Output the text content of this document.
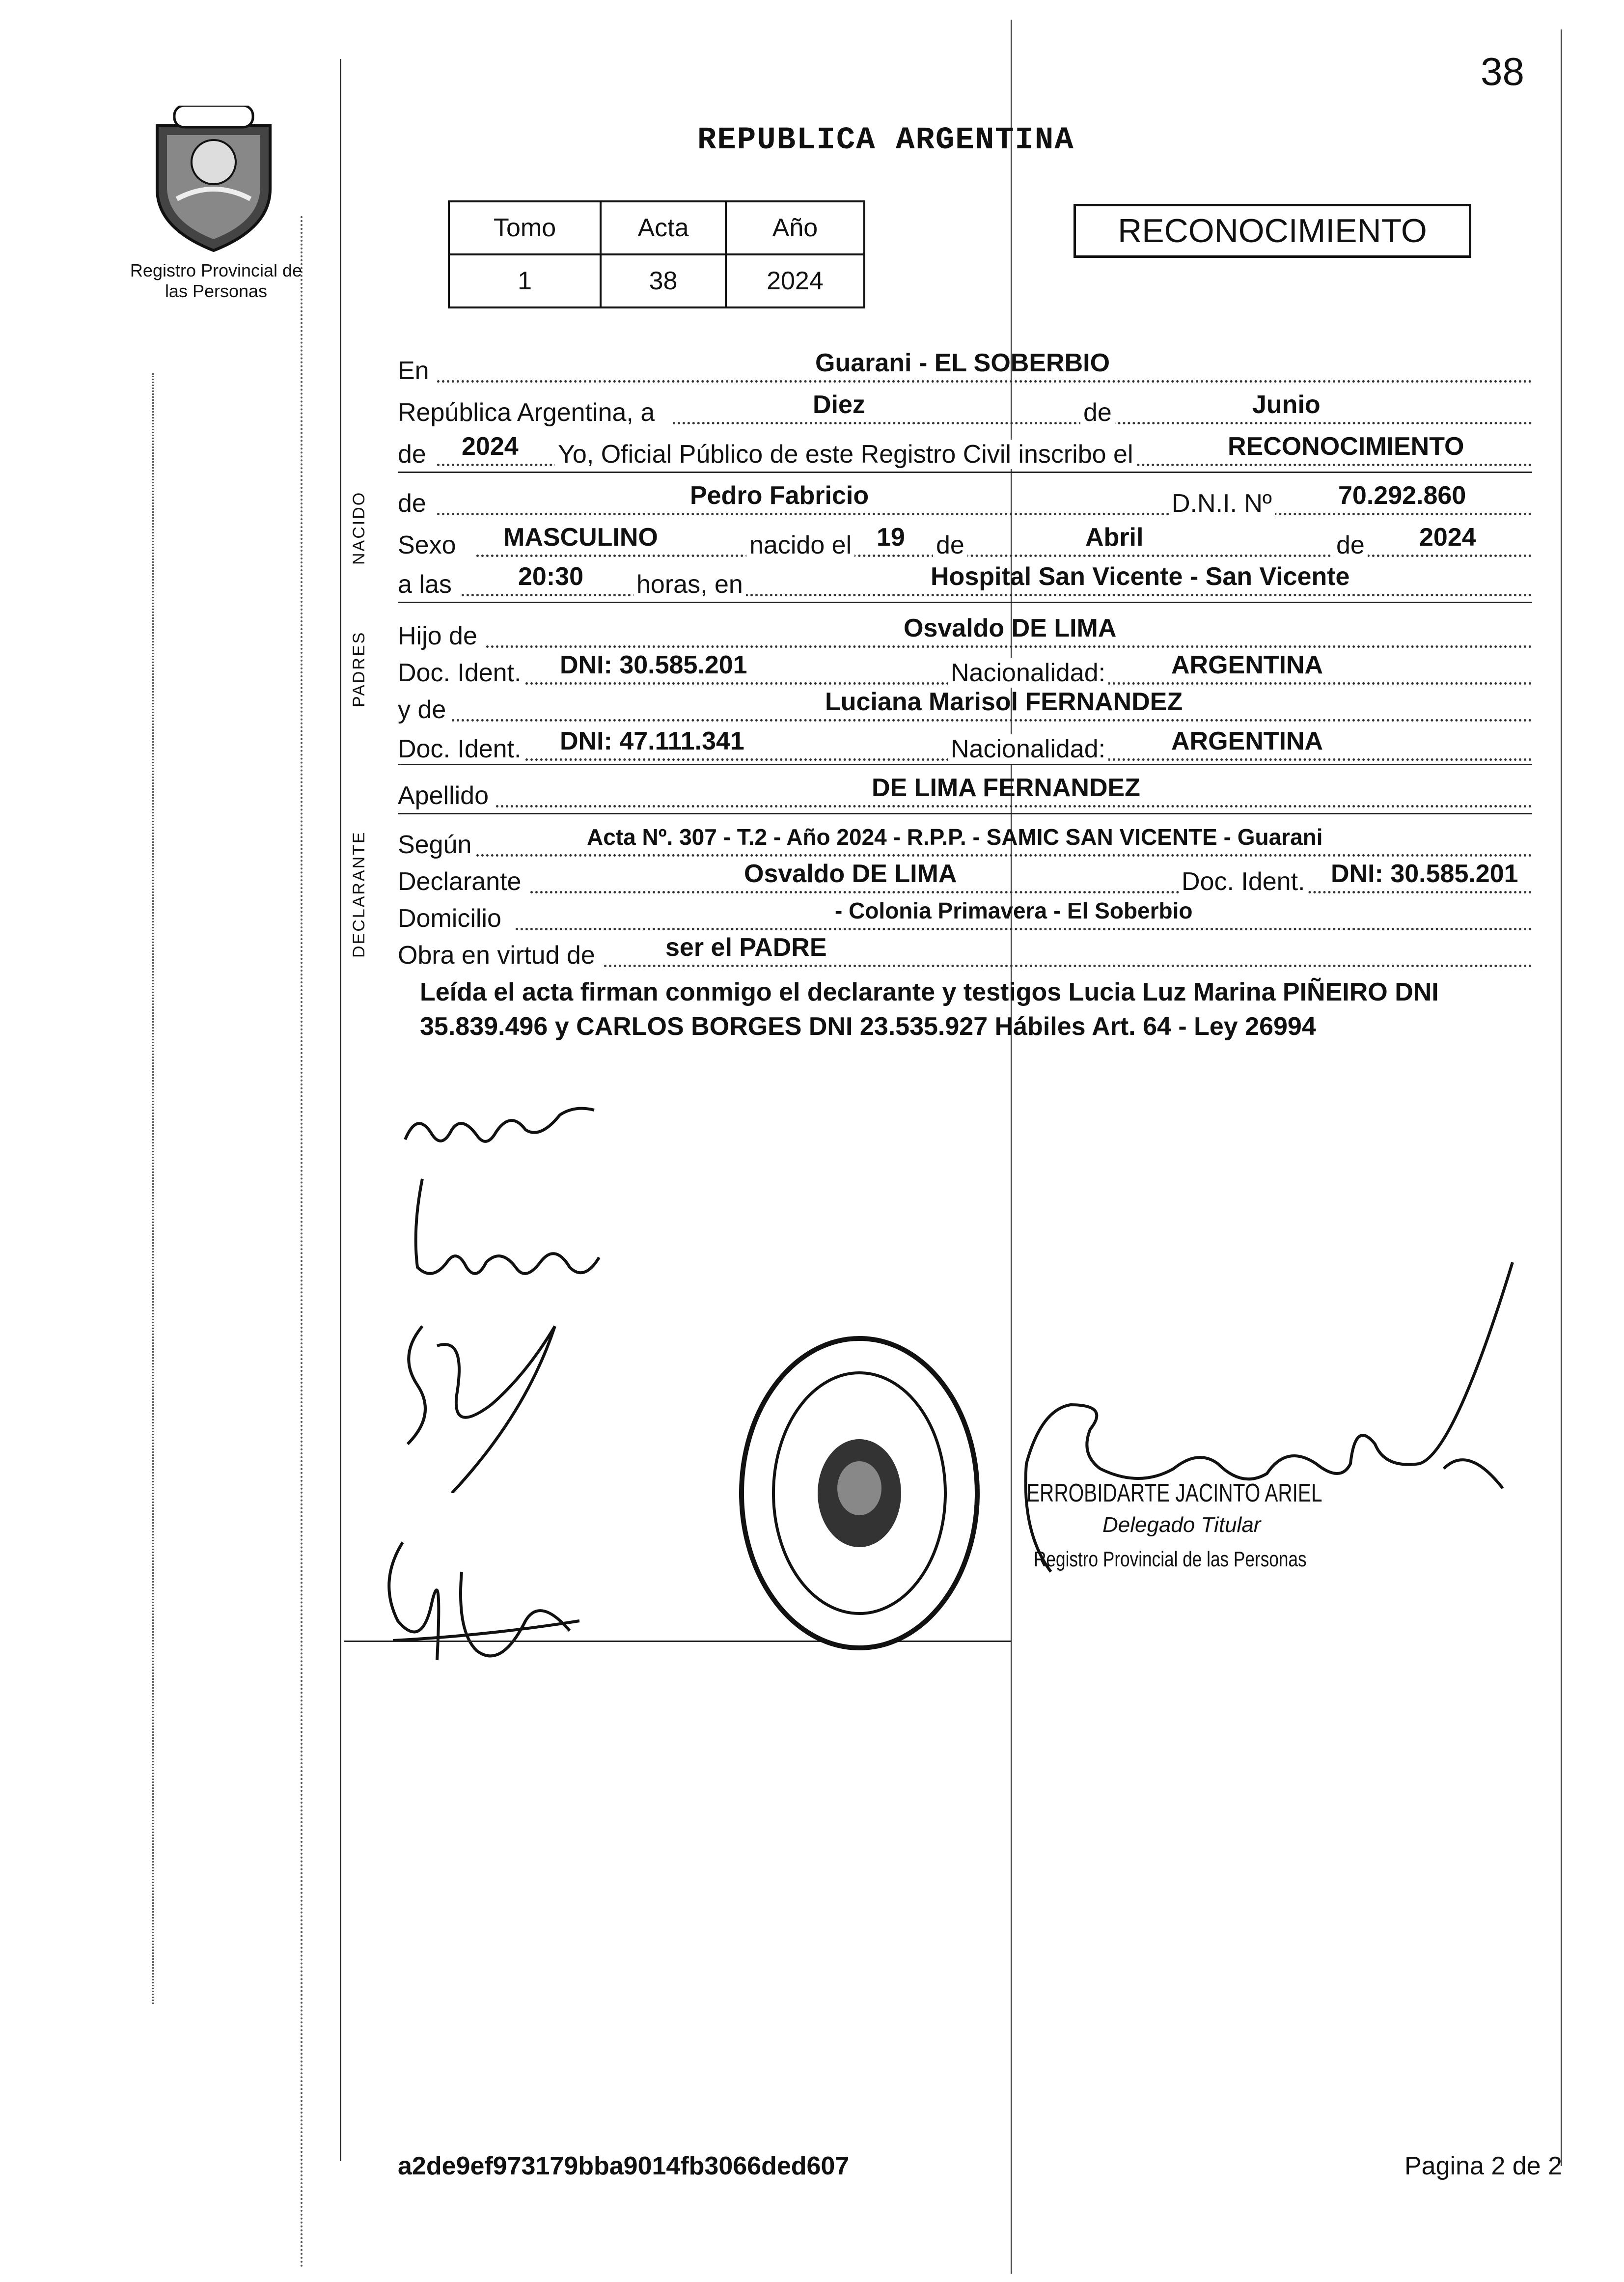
38
Registro Provincial de las Personas
REPUBLICA ARGENTINA
Tomo	Acta	Año
1	38	2024
RECONOCIMIENTO
NACIDO
PADRES
DECLARANTE
En	Guarani - EL SOBERBIO
República Argentina, a	Diez	de	Junio
de 2024 Yo, Oficial Público de este Registro Civil inscribo el	RECONOCIMIENTO
de	Pedro Fabricio	D.N.I. Nº	70.292.860
Sexo MASCULINO	nacido el 19 de	Abril	de 2024
a las	20:30 horas, en	Hospital San Vicente - San Vicente
Hijo de	Osvaldo DE LIMA
Doc. Ident. DNI: 30.585.201	Nacionalidad:	ARGENTINA
y de	Luciana Marisol FERNANDEZ
Doc. Ident. DNI: 47.111.341	Nacionalidad:	ARGENTINA
Apellido	DE LIMA FERNANDEZ
Según	Acta Nº. 307 - T.2 - Año 2024 - R.P.P. - SAMIC SAN VICENTE - Guarani
Declarante	Osvaldo DE LIMA	Doc. Ident. DNI: 30.585.201
Domicilio	- Colonia Primavera - El Soberbio
Obra en virtud de	ser el PADRE
Leída el acta firman conmigo el declarante y testigos Lucia Luz Marina PIÑEIRO DNI 35.839.496 y CARLOS BORGES DNI 23.535.927 Hábiles Art. 64 - Ley 26994
ERROBIDARTE JACINTO ARIEL
Delegado Titular
Registro Provincial de las Personas
a2de9ef973179bba9014fb3066ded607	Pagina 2 de 2
